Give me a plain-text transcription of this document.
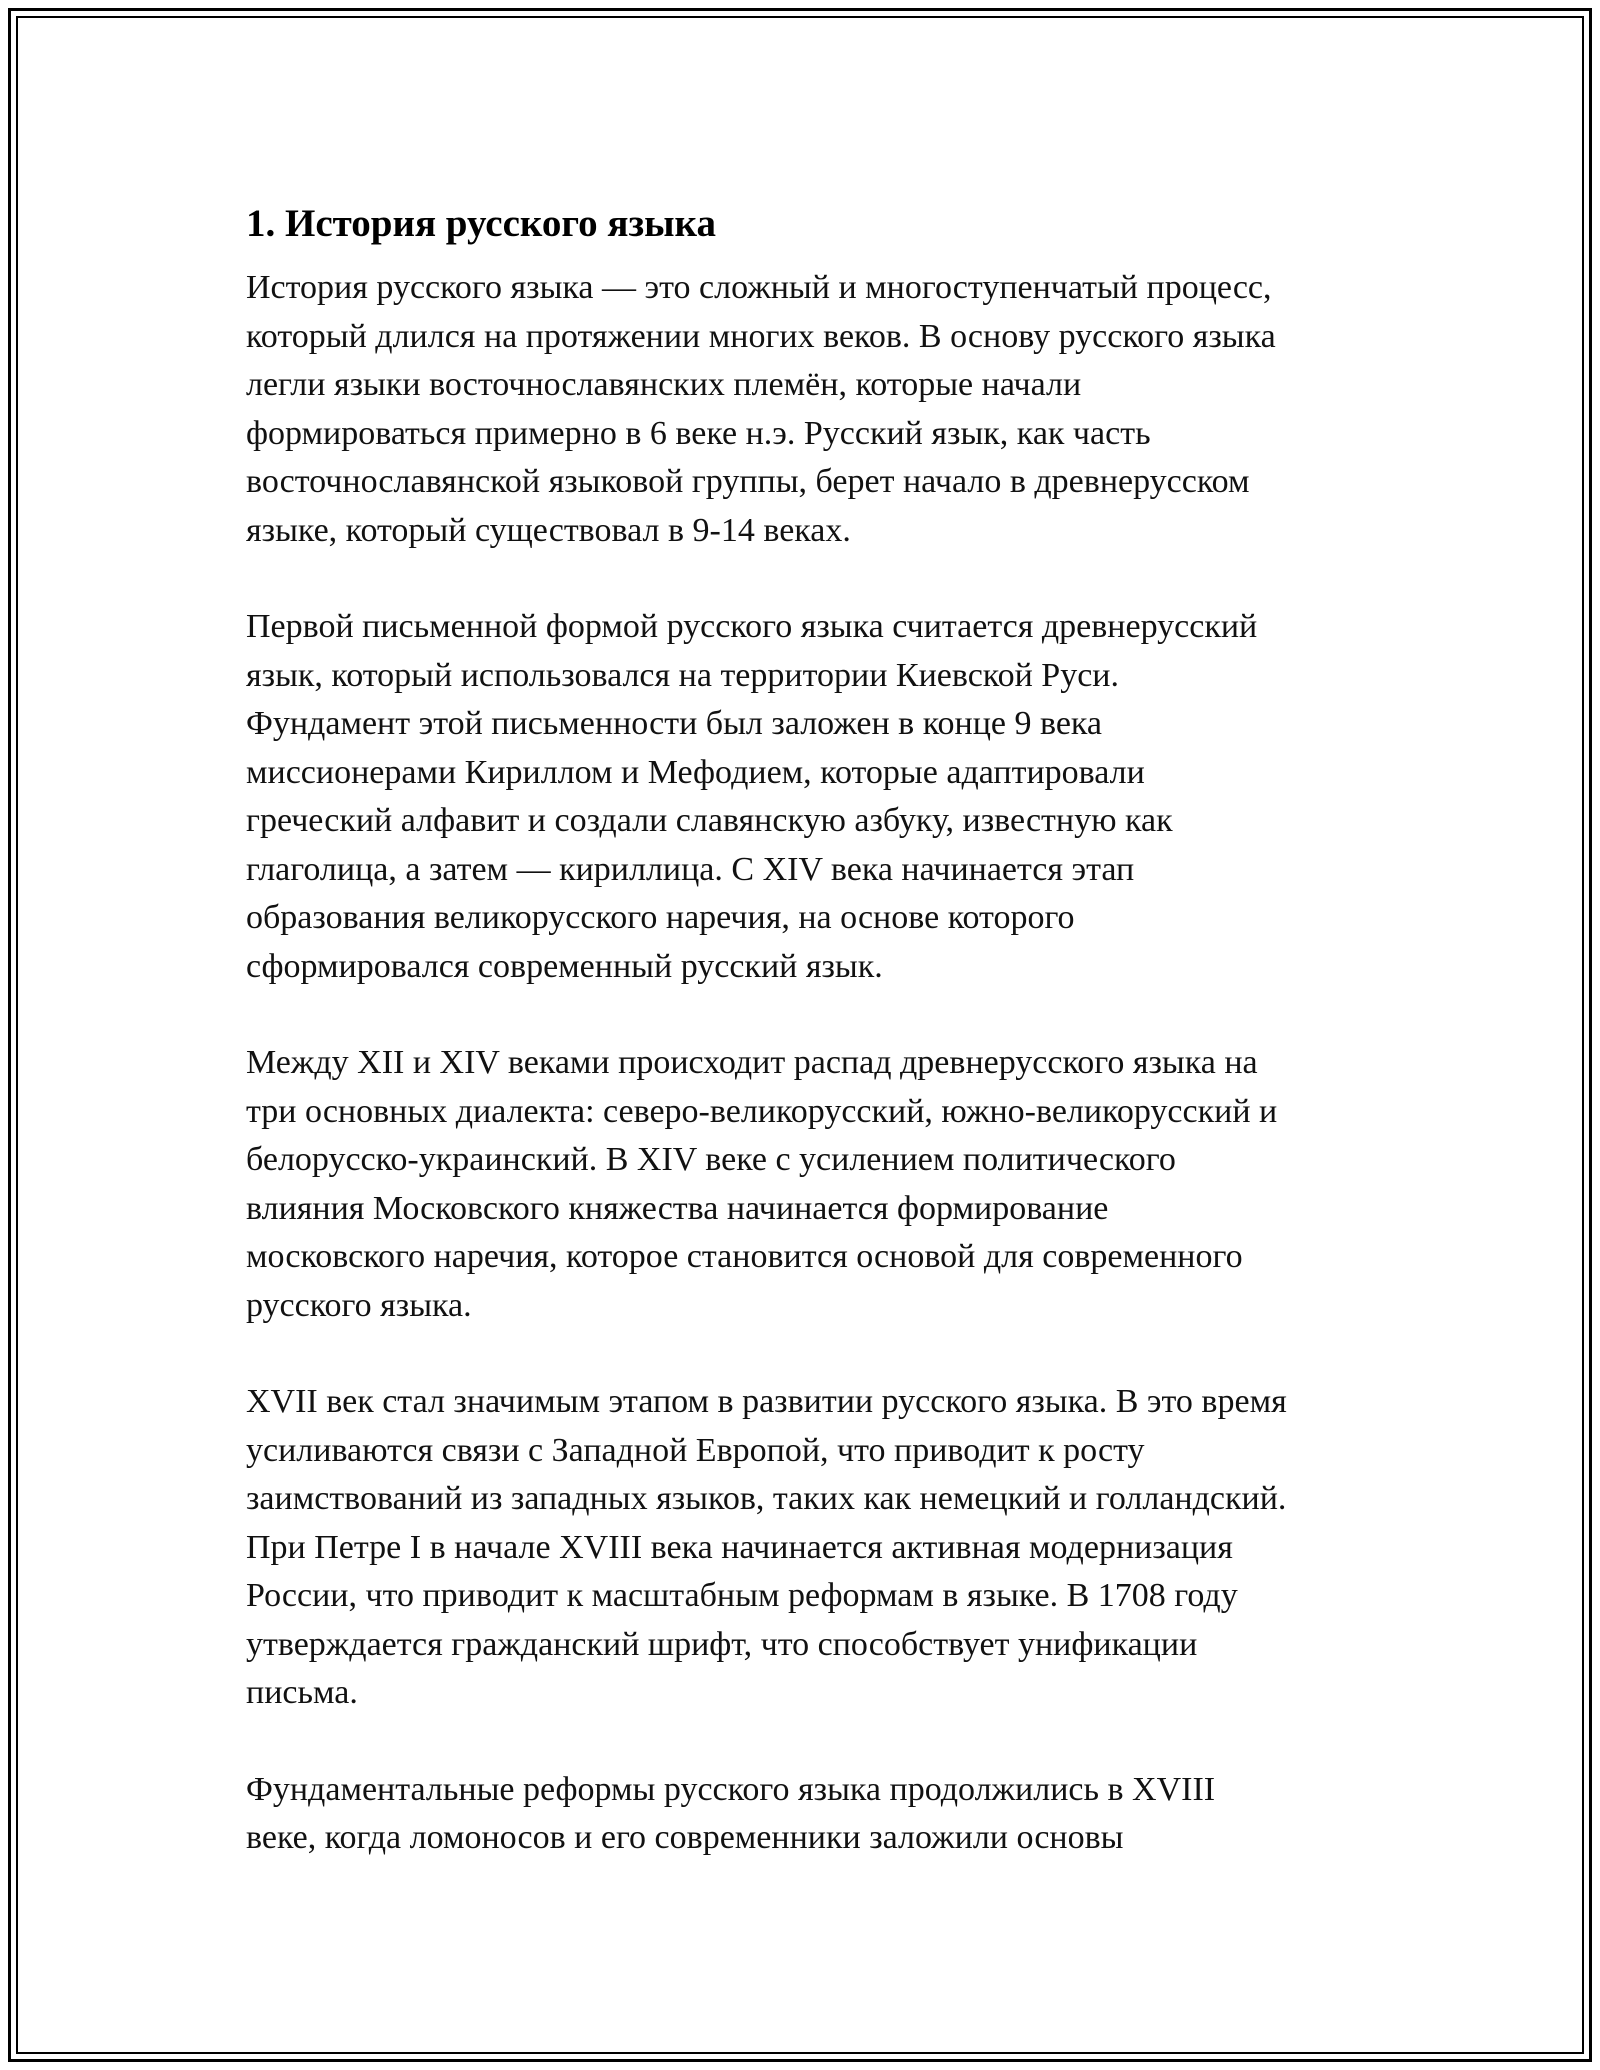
1. История русского языка
История русского языка — это сложный и многоступенчатый процесс,
который длился на протяжении многих веков. В основу русского языка
легли языки восточнославянских племён, которые начали
формироваться примерно в 6 веке н.э. Русский язык, как часть
восточнославянской языковой группы, берет начало в древнерусском
языке, который существовал в 9-14 веках.
Первой письменной формой русского языка считается древнерусский
язык, который использовался на территории Киевской Руси.
Фундамент этой письменности был заложен в конце 9 века
миссионерами Кириллом и Мефодием, которые адаптировали
греческий алфавит и создали славянскую азбуку, известную как
глаголица, а затем — кириллица. С XIV века начинается этап
образования великорусского наречия, на основе которого
сформировался современный русский язык.
Между XII и XIV веками происходит распад древнерусского языка на
три основных диалекта: северо-великорусский, южно-великорусский и
белорусско-украинский. В XIV веке с усилением политического
влияния Московского княжества начинается формирование
московского наречия, которое становится основой для современного
русского языка.
XVII век стал значимым этапом в развитии русского языка. В это время
усиливаются связи с Западной Европой, что приводит к росту
заимствований из западных языков, таких как немецкий и голландский.
При Петре I в начале XVIII века начинается активная модернизация
России, что приводит к масштабным реформам в языке. В 1708 году
утверждается гражданский шрифт, что способствует унификации
письма.
Фундаментальные реформы русского языка продолжились в XVIII
веке, когда ломоносов и его современники заложили основы
